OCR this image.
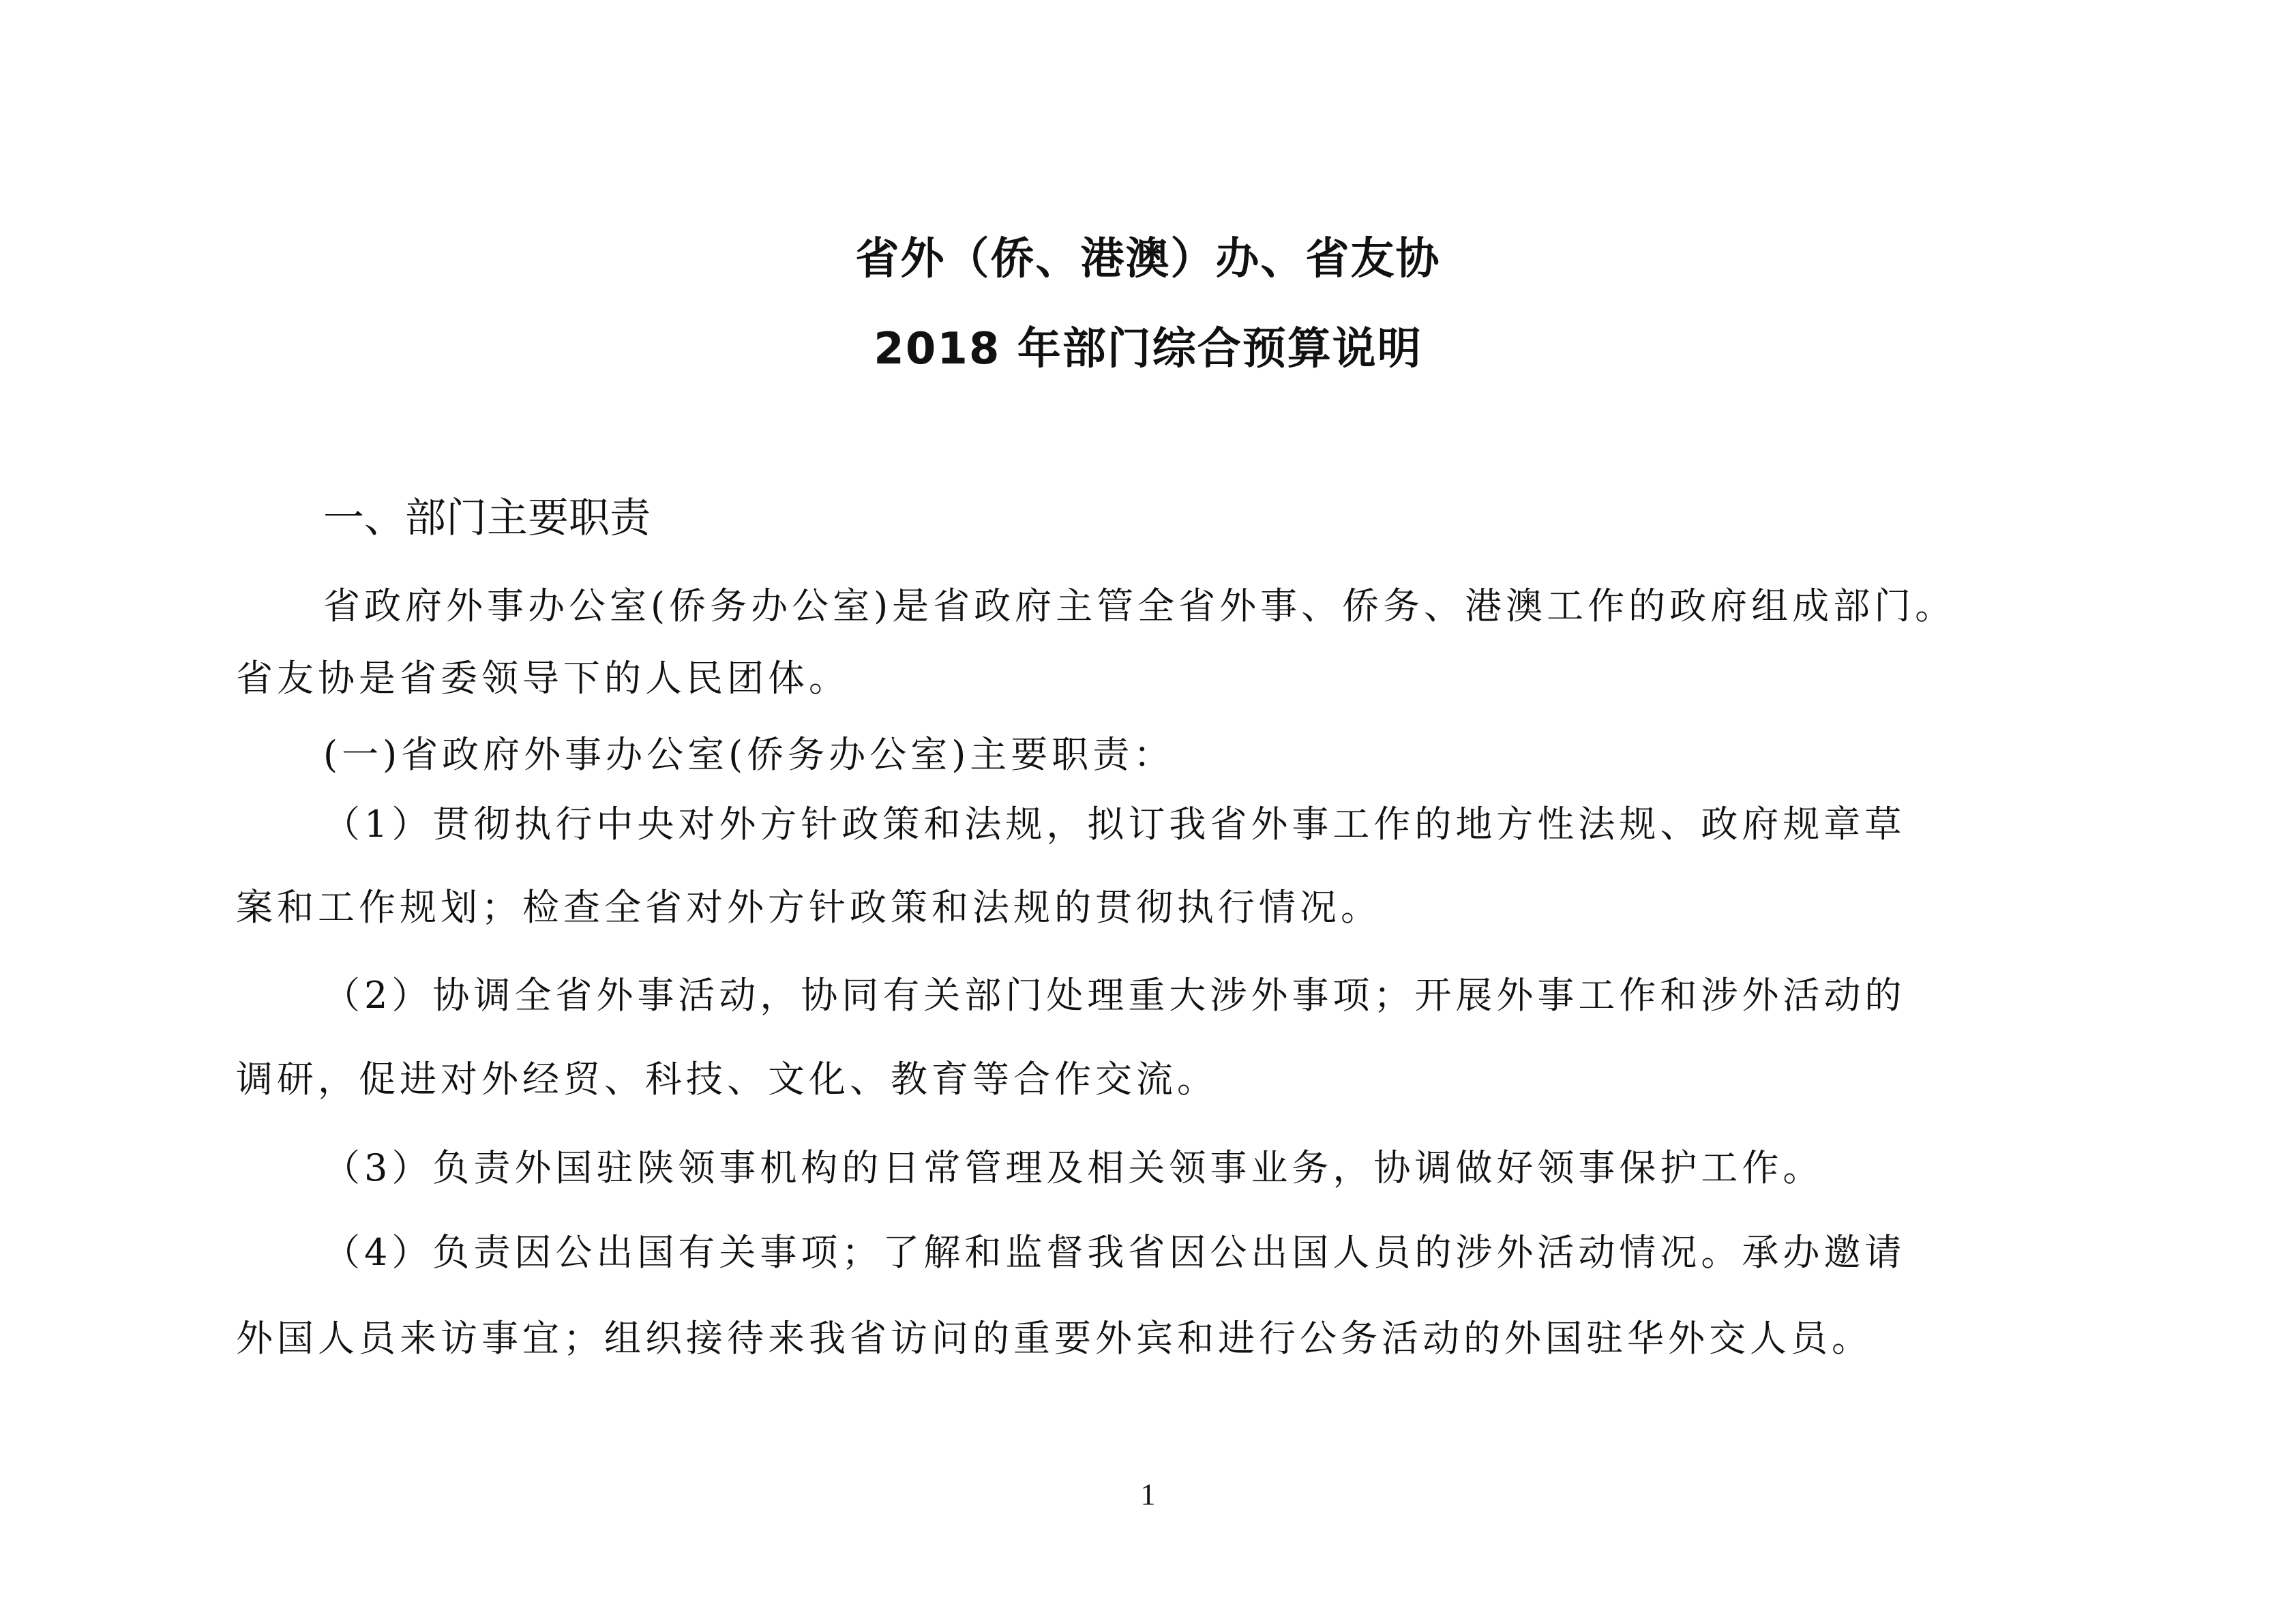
省外（侨、港澳）办、省友协
2018 年部门综合预算说明
一、部门主要职责
省政府外事办公室(侨务办公室)是省政府主管全省外事、侨务、港澳工作的政府组成部门。
省友协是省委领导下的人民团体。
(一)省政府外事办公室(侨务办公室)主要职责：
（1）贯彻执行中央对外方针政策和法规，拟订我省外事工作的地方性法规、政府规章草
案和工作规划；检查全省对外方针政策和法规的贯彻执行情况。
（2）协调全省外事活动，协同有关部门处理重大涉外事项；开展外事工作和涉外活动的
调研，促进对外经贸、科技、文化、教育等合作交流。
（3）负责外国驻陕领事机构的日常管理及相关领事业务，协调做好领事保护工作。
（4）负责因公出国有关事项；了解和监督我省因公出国人员的涉外活动情况。承办邀请
外国人员来访事宜；组织接待来我省访问的重要外宾和进行公务活动的外国驻华外交人员。
1
